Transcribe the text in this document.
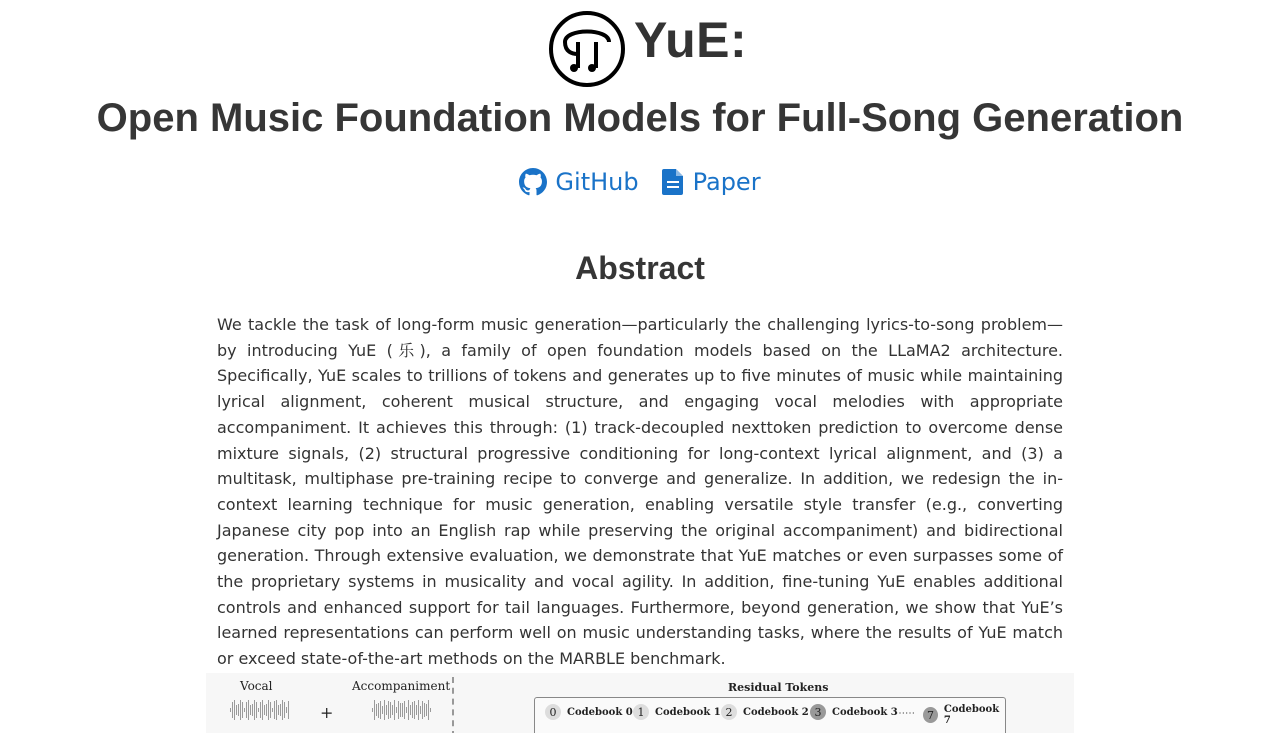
YuE:
Open Music Foundation Models for Full-Song Generation
GitHub Paper
Abstract
We tackle the task of long-form music generation—particularly the challenging lyrics-to-song problem—by introducing YuE (乐), a family of open foundation models based on the LLaMA2 architecture. Specifically, YuE scales to trillions of tokens and generates up to five minutes of music while maintaining lyrical alignment, coherent musical structure, and engaging vocal melodies with appropriate accompaniment. It achieves this through: (1) track-decoupled nexttoken prediction to overcome dense mixture signals, (2) structural progressive conditioning for long-context lyrical alignment, and (3) a multitask, multiphase pre-training recipe to converge and generalize. In addition, we redesign the in-context learning technique for music generation, enabling versatile style transfer (e.g., converting Japanese city pop into an English rap while preserving the original accompaniment) and bidirectional generation. Through extensive evaluation, we demonstrate that YuE matches or even surpasses some of the proprietary systems in musicality and vocal agility. In addition, fine-tuning YuE enables additional controls and enhanced support for tail languages. Furthermore, beyond generation, we show that YuE’s learned representations can perform well on music understanding tasks, where the results of YuE match or exceed state-of-the-art methods on the MARBLE benchmark.
Vocal
+
Accompaniment	Residual Tokens
0	Codebook 0 1	Codebook 1 2	Codebook 2 3	Codebook 3
⋯⋯	7 Codebook 7
